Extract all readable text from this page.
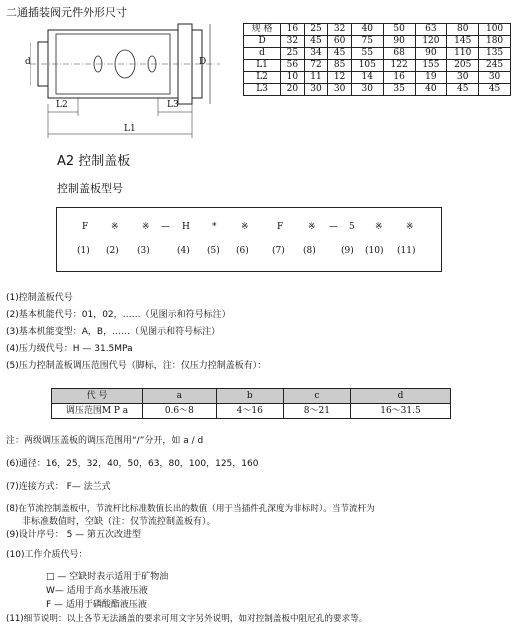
二通插装阀元件外形尺寸
d	D
L2	L3
L1
规 格	16	25	32	40	50	63	80	100
D	32	45	60	75	90	120	145	180
d	25	34	45	55	68	90	110	135
L1	56	72	85	105	122	155	205	245
L2	10	11	12	14	16	19	30	30
L3	20	30	30	30	35	40	45	45
A2 控制盖板
控制盖板型号
F	※	※ — H *	※	F	※ — 5 ※	※
(1) (2) (3)	(4) (5) (6)	(7) (8)	(9) (10) (11)
(1)控制盖板代号
(2)基本机能代号：01，02，……（见图示和符号标注）
(3)基本机能变型：A，B，……（见图示和符号标注）
(4)压力级代号：H — 31.5MPa
(5)压力控制盖板调压范围代号（脚标，注：仅压力控制盖板有）：
代 号	a	b	c	d
调压范围M P a	0.6～8	4～16	8～21	16～31.5
注：两级调压盖板的调压范围用“/”分开，如 a / d
(6)通径：16，25，32，40，50，63，80，100，125，160
(7)连接方式： F— 法兰式
(8)在节流控制盖板中，节流杆比标准数值长出的数值（用于当插件孔深度为非标时）。当节流杆为
非标准数值时，空缺（注：仅节流控制盖板有）。
(9)设计序号： 5 — 第五次改进型
(10)工作介质代号：
□ — 空缺时表示适用于矿物油
W— 适用于高水基液压液
F — 适用于磷酸酯液压液
(11)细节说明：以上各节无法涵盖的要求可用文字另外说明，如对控制盖板中阻尼孔的要求等。
